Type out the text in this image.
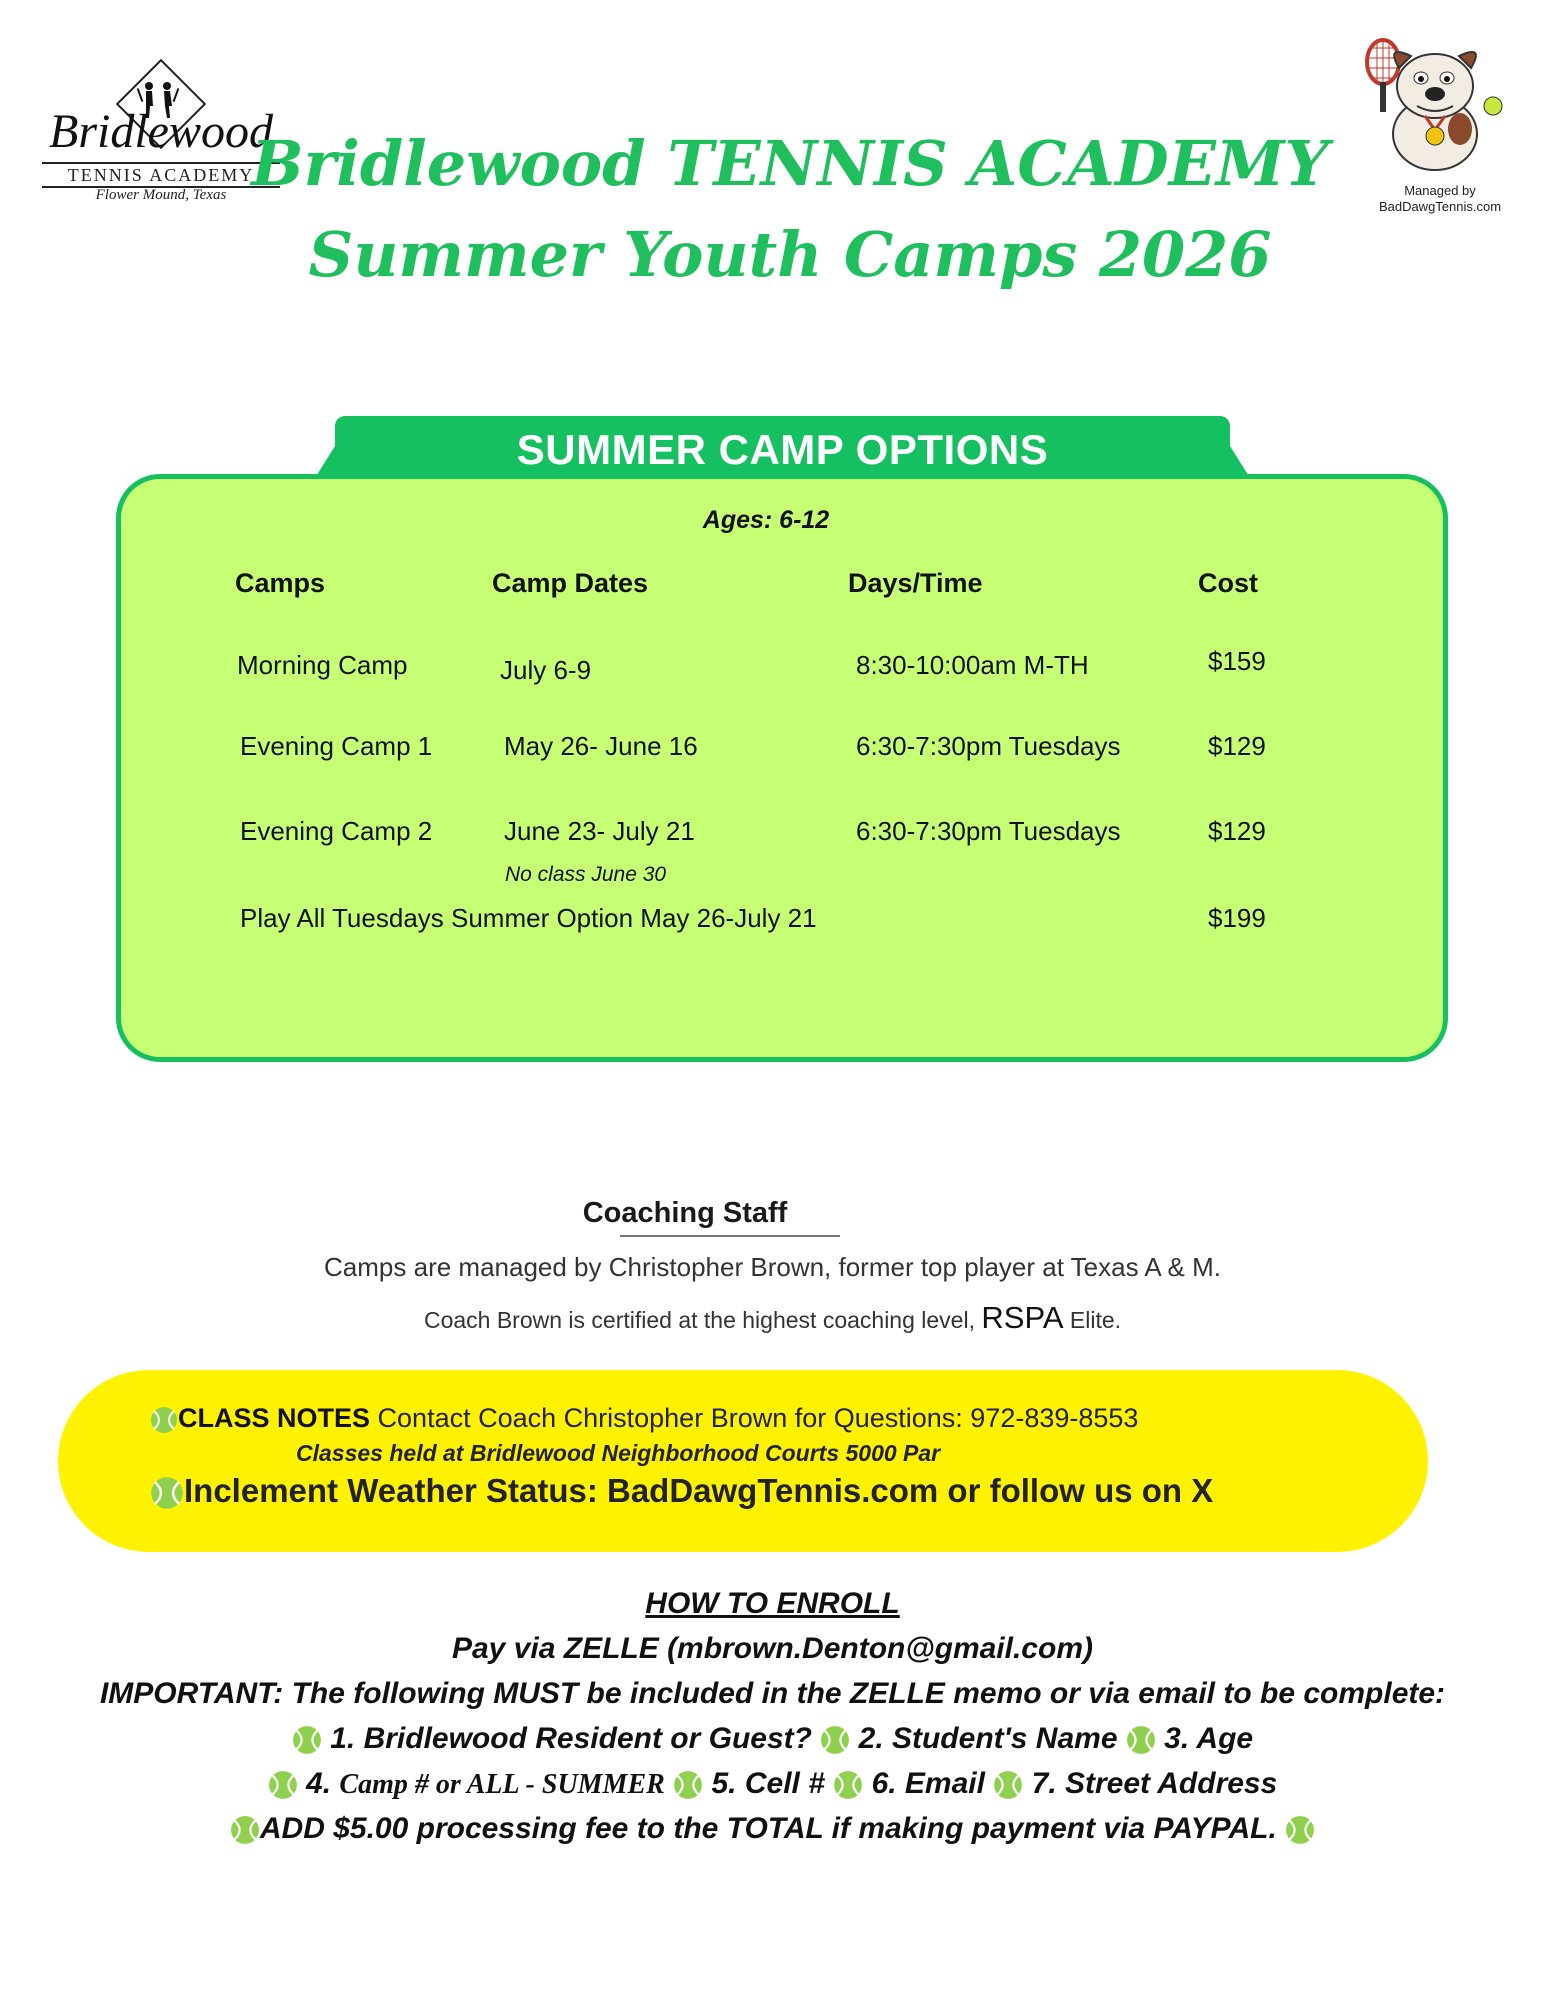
Bridlewood
TENNIS ACADEMY
Flower Mound, Texas Bridlewood TENNIS ACADEMY
Summer Youth Camps 2026
Managed by
BadDawgTennis.com
SUMMER CAMP OPTIONS
Ages: 6-12
Camps	Camp Dates	Days/Time	Cost
Morning Camp	July 6-9	8:30-10:00am M-TH	$159
Evening Camp 1	May 26- June 16	6:30-7:30pm Tuesdays	$129
Evening Camp 2	June 23- July 21	6:30-7:30pm Tuesdays	$129
No class June 30
Play All Tuesdays Summer Option May 26-July 21	$199
Coaching Staff
Camps are managed by Christopher Brown, former top player at Texas A & M.
Coach Brown is certified at the highest coaching level, RSPA Elite.
CLASS NOTES Contact Coach Christopher Brown for Questions: 972-839-8553
Classes held at Bridlewood Neighborhood Courts 5000 Par
Inclement Weather Status: BadDawgTennis.com or follow us on X
HOW TO ENROLL
Pay via ZELLE (mbrown.Denton@gmail.com)
IMPORTANT: The following MUST be included in the ZELLE memo or via email to be complete:
1. Bridlewood Resident or Guest?  2. Student's Name  3. Age
4. Camp # or ALL - SUMMER  5. Cell #  6. Email  7. Street Address
ADD $5.00 processing fee to the TOTAL if making payment via PAYPAL.
